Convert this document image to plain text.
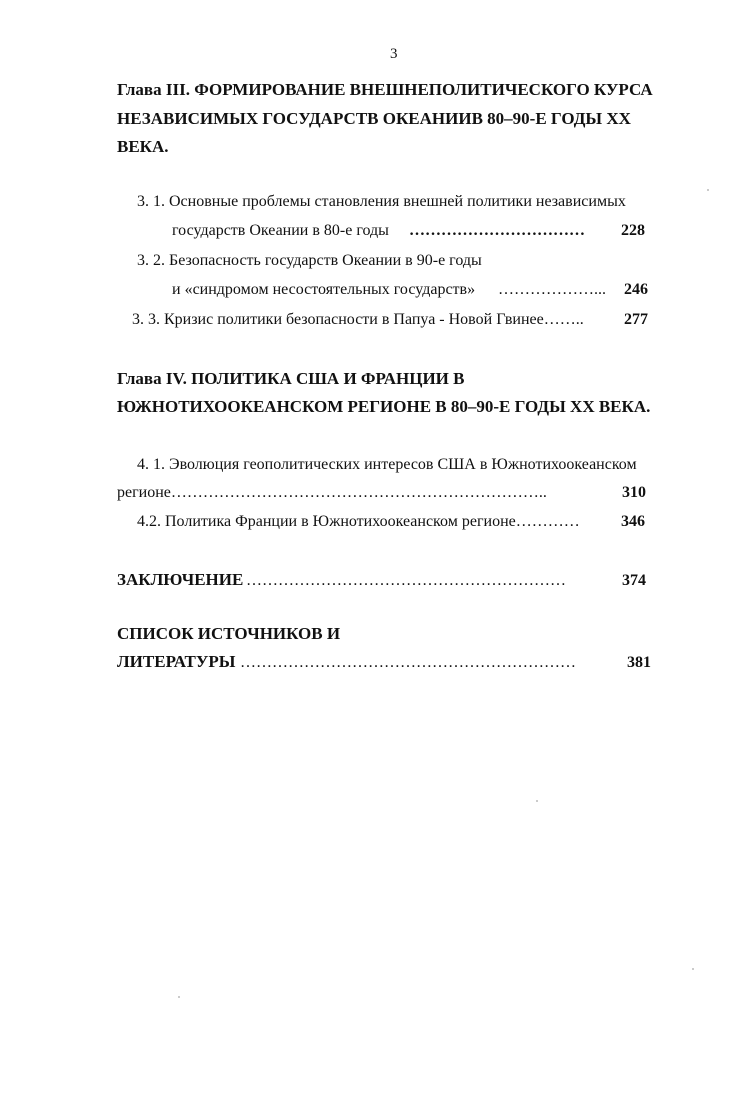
3
Глава III. ФОРМИРОВАНИЕ ВНЕШНЕПОЛИТИЧЕСКОГО КУРСА
НЕЗАВИСИМЫХ ГОСУДАРСТВ ОКЕАНИИВ 80–90-Е ГОДЫ ХХ
ВЕКА.
3. 1. Основные проблемы становления внешней политики независимых
государств Океании в 80-е годы …………………………… 228
3. 2. Безопасность государств Океании в 90-е годы
и «синдромом несостоятельных государств» ………………... 246
3. 3. Кризис политики безопасности в Папуа - Новой Гвинее……..	277
Глава IV. ПОЛИТИКА США И ФРАНЦИИ В
ЮЖНОТИХООКЕАНСКОМ РЕГИОНЕ В 80–90-Е ГОДЫ ХХ ВЕКА.
4. 1. Эволюция геополитических интересов США в Южнотихоокеанском
регионе……………………………………………………………..	310
4.2. Политика Франции в Южнотихоокеанском регионе…………	346
ЗАКЛЮЧЕНИЕ ……………………………………………………	374
СПИСОК ИСТОЧНИКОВ И
ЛИТЕРАТУРЫ ………………………………………………………	381
